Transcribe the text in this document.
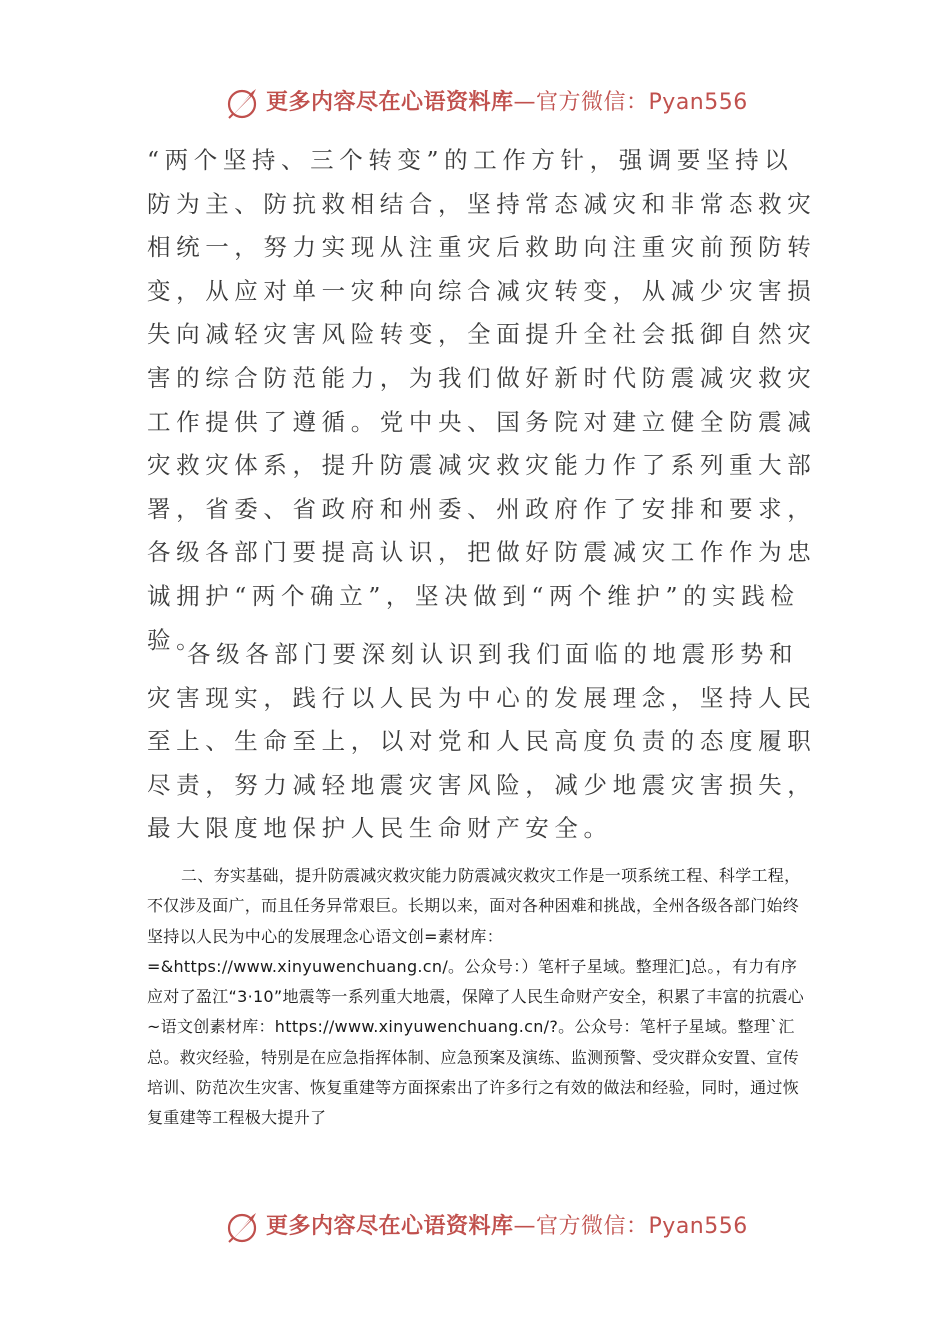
更多内容尽在心语资料库—官方微信：Pyan556

“两个坚持、三个转变”的工作方针，强调要坚持以防为主、防抗救相结合，坚持常态减灾和非常态救灾相统一，努力实现从注重灾后救助向注重灾前预防转变，从应对单一灾种向综合减灾转变，从减少灾害损失向减轻灾害风险转变，全面提升全社会抵御自然灾害的综合防范能力，为我们做好新时代防震减灾救灾工作提供了遵循。党中央、国务院对建立健全防震减灾救灾体系，提升防震减灾救灾能力作了系列重大部署，省委、省政府和州委、州政府作了安排和要求，各级各部门要提高认识，把做好防震减灾工作作为忠诚拥护“两个确立”，坚决做到“两个维护”的实践检验。

各级各部门要深刻认识到我们面临的地震形势和灾害现实，践行以人民为中心的发展理念，坚持人民至上、生命至上，以对党和人民高度负责的态度履职尽责，努力减轻地震灾害风险，减少地震灾害损失，最大限度地保护人民生命财产安全。

二、夯实基础，提升防震减灾救灾能力防震减灾救灾工作是一项系统工程、科学工程，不仅涉及面广，而且任务异常艰巨。长期以来，面对各种困难和挑战，全州各级各部门始终坚持以人民为中心的发展理念心语文创=素材库：=&https://www.xinyuwenchuang.cn/。公众号：）笔杆子星域。整理汇]总。，有力有序应对了盈江“3·10”地震等一系列重大地震，保障了人民生命财产安全，积累了丰富的抗震心~语文创素材库：https://www.xinyuwenchuang.cn/?。公众号：笔杆子星域。整理`汇总。救灾经验，特别是在应急指挥体制、应急预案及演练、监测预警、受灾群众安置、宣传培训、防范次生灾害、恢复重建等方面探索出了许多行之有效的做法和经验，同时，通过恢复重建等工程极大提升了

更多内容尽在心语资料库—官方微信：Pyan556
